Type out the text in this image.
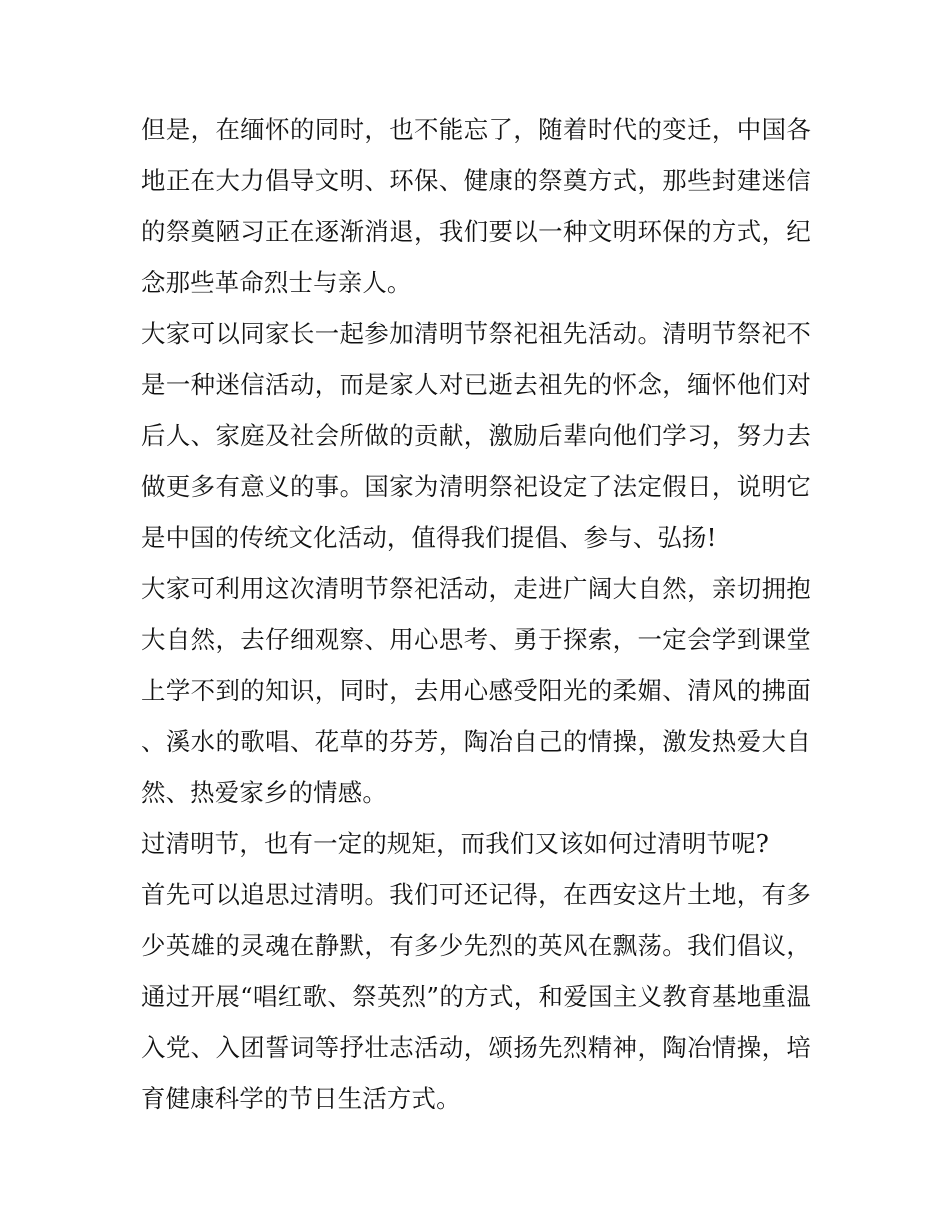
但是，在缅怀的同时，也不能忘了，随着时代的变迁，中国各地正在大力倡导文明、环保、健康的祭奠方式，那些封建迷信的祭奠陋习正在逐渐消退，我们要以一种文明环保的方式，纪念那些革命烈士与亲人。

大家可以同家长一起参加清明节祭祀祖先活动。清明节祭祀不是一种迷信活动，而是家人对已逝去祖先的怀念，缅怀他们对后人、家庭及社会所做的贡献，激励后辈向他们学习，努力去做更多有意义的事。国家为清明祭祀设定了法定假日，说明它是中国的传统文化活动，值得我们提倡、参与、弘扬!

大家可利用这次清明节祭祀活动，走进广阔大自然，亲切拥抱大自然，去仔细观察、用心思考、勇于探索，一定会学到课堂上学不到的知识，同时，去用心感受阳光的柔媚、清风的拂面、溪水的歌唱、花草的芬芳，陶冶自己的情操，激发热爱大自然、热爱家乡的情感。

过清明节，也有一定的规矩，而我们又该如何过清明节呢?

首先可以追思过清明。我们可还记得，在西安这片土地，有多少英雄的灵魂在静默，有多少先烈的英风在飘荡。我们倡议，通过开展“唱红歌、祭英烈”的方式，和爱国主义教育基地重温入党、入团誓词等抒壮志活动，颂扬先烈精神，陶冶情操，培育健康科学的节日生活方式。
